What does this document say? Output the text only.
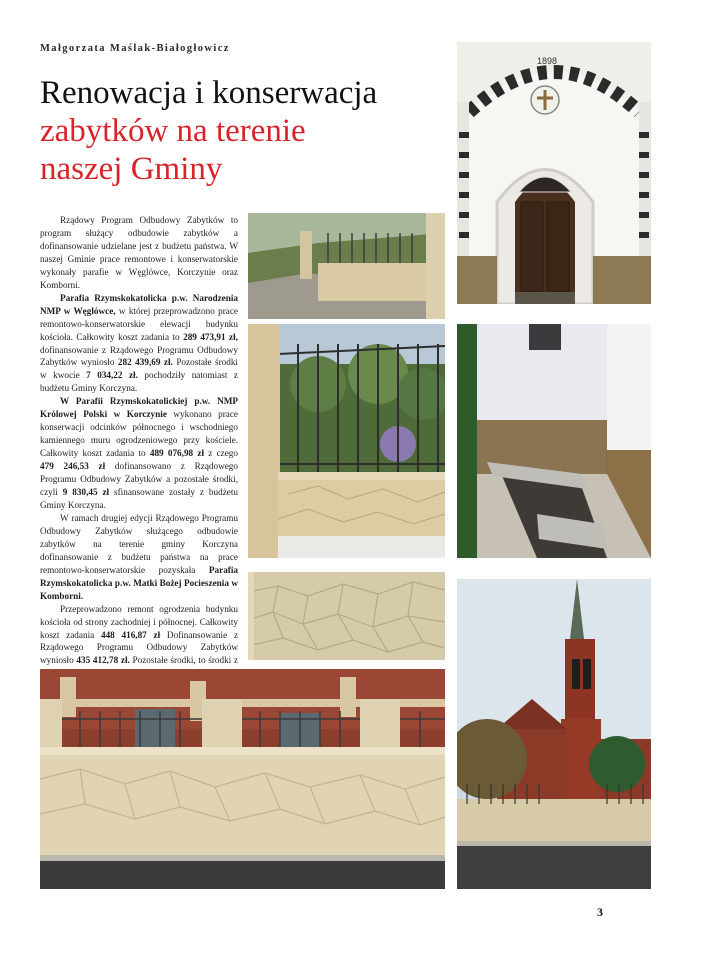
Małgorzata Maślak-Białogłowicz
Renowacja i konserwacja
zabytków na terenie
naszej Gminy

Rządowy Program Odbudowy Zabytków to program służący odbudowie zabytków a dofinansowanie udzielane jest z budżetu państwa. W naszej Gminie prace remontowe i konserwatorskie wykonały parafie w Węglówce, Korczynie oraz Komborni.

Parafia Rzymskokatolicka p.w. Narodzenia NMP w Węglówce, w której przeprowadzono prace remontowo-konserwatorskie elewacji budynku kościoła. Całkowity koszt zadania to 289 473,91 zł, dofinansowanie z Rządowego Programu Odbudowy Zabytków wyniosło 282 439,69 zł. Pozostałe środki w kwocie 7 034,22 zł. pochodziły natomiast z budżetu Gminy Korczyna.

W Parafii Rzymskokatolickiej p.w. NMP Królowej Polski w Korczynie wykonano prace konserwacji odcinków północnego i wschodniego kamiennego muru ogrodzeniowego przy kościele. Całkowity koszt zadania to 489 076,98 zł z czego 479 246,53 zł dofinansowano z Rządowego Programu Odbudowy Zabytków a pozostałe środki, czyli 9 830,45 zł sfinansowane zostały z budżetu Gminy Korczyna.

W ramach drugiej edycji Rządowego Programu Odbudowy Zabytków służącego odbudowie zabytków na terenie gminy Korczyna dofinansowanie z budżetu państwa na prace remontowo-konserwatorskie pozyskała Parafia Rzymskokatolicka p.w. Matki Bożej Pocieszenia w Komborni.

Przeprowadzono remont ogrodzenia budynku kościoła od strony zachodniej i północnej. Całkowity koszt zadania 448 416,87 zł Dofinansowanie z Rządowego Programu Odbudowy Zabytków wyniosło 435 412,78 zł. Pozostałe środki, to środki z

1898
3
